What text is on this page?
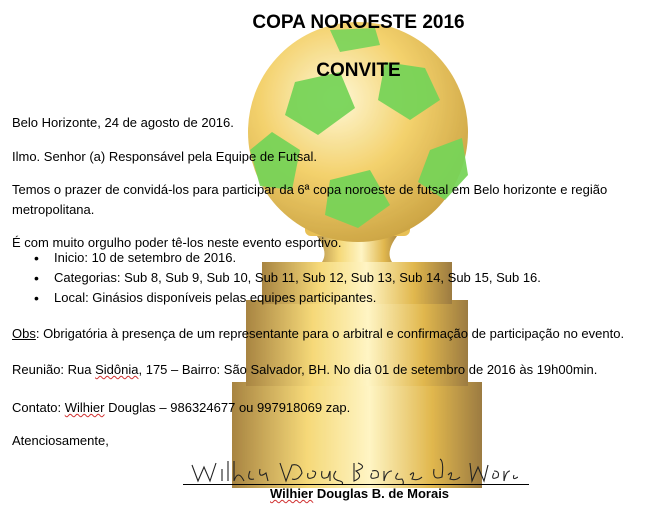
COPA NOROESTE 2016
CONVITE
Belo Horizonte, 24 de agosto de 2016.
Ilmo. Senhor (a) Responsável pela Equipe de Futsal.
Temos o prazer de convidá-los para participar da 6ª copa noroeste de futsal em Belo horizonte e região metropolitana.
É com muito orgulho poder tê-los neste evento esportivo.
• Inicio: 10 de setembro de 2016.
• Categorias: Sub 8, Sub 9, Sub 10, Sub 11, Sub 12, Sub 13, Sub 14, Sub 15, Sub 16.
• Local: Ginásios disponíveis pelas equipes participantes.
Obs: Obrigatória à presença de um representante para o arbitral e confirmação de participação no evento.
Reunião: Rua Sidônia, 175 – Bairro: São Salvador, BH. No dia 01 de setembro de 2016 às 19h00min.
Contato: Wilhier Douglas – 986324677 ou 997918069 zap.
Atenciosamente,
Wilhier Douglas B. de Morais
